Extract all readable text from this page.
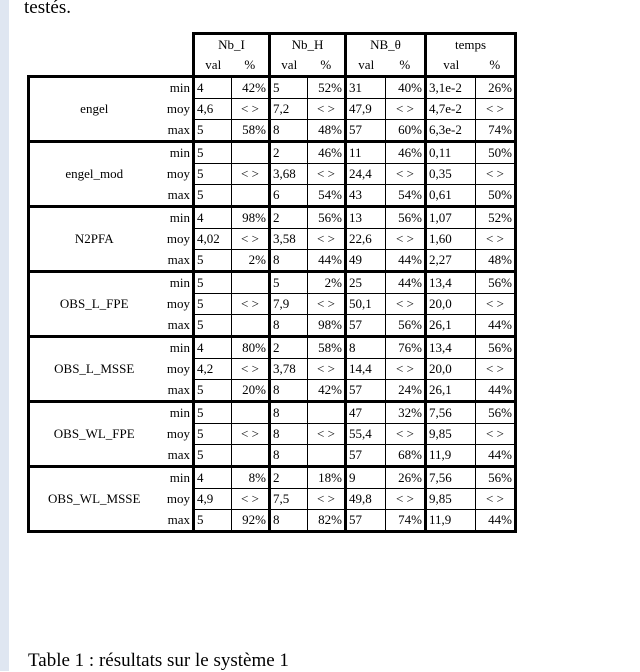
testés.
		Nb_I		Nb_H		NB_θ		temps	
		val	%	val	%	val	%	val	%
engel	min	4	42%	5	52%	31	40%	3,1e-2	26%
	moy	4,6	< >	7,2	< >	47,9	< >	4,7e-2	< >
	max	5	58%	8	48%	57	60%	6,3e-2	74%
engel_mod	min	5		2	46%	11	46%	0,11	50%
	moy	5	< >	3,68	< >	24,4	< >	0,35	< >
	max	5		6	54%	43	54%	0,61	50%
N2PFA	min	4	98%	2	56%	13	56%	1,07	52%
	moy	4,02	< >	3,58	< >	22,6	< >	1,60	< >
	max	5	2%	8	44%	49	44%	2,27	48%
OBS_L_FPE	min	5		5	2%	25	44%	13,4	56%
	moy	5	< >	7,9	< >	50,1	< >	20,0	< >
	max	5		8	98%	57	56%	26,1	44%
OBS_L_MSSE	min	4	80%	2	58%	8	76%	13,4	56%
	moy	4,2	< >	3,78	< >	14,4	< >	20,0	< >
	max	5	20%	8	42%	57	24%	26,1	44%
OBS_WL_FPE	min	5		8		47	32%	7,56	56%
	moy	5	< >	8	< >	55,4	< >	9,85	< >
	max	5		8		57	68%	11,9	44%
OBS_WL_MSSE	min	4	8%	2	18%	9	26%	7,56	56%
	moy	4,9	< >	7,5	< >	49,8	< >	9,85	< >
	max	5	92%	8	82%	57	74%	11,9	44%
Table 1 : résultats sur le système 1
